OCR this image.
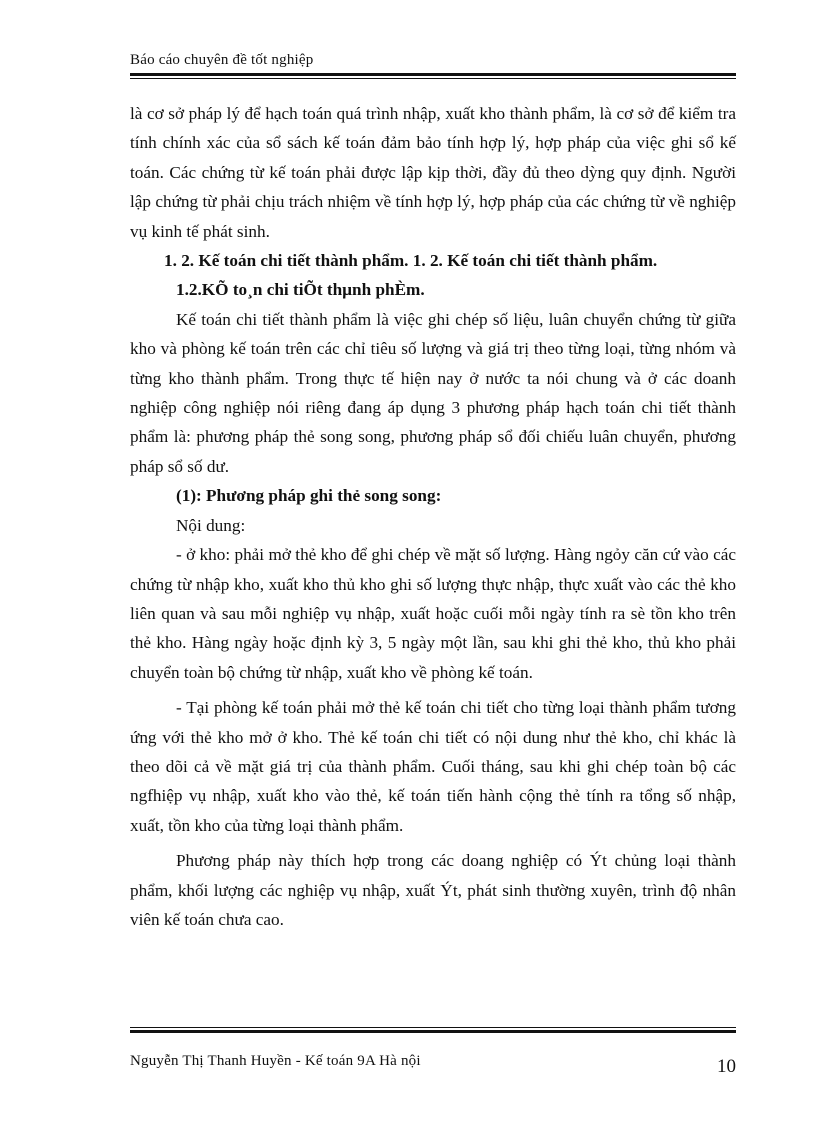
Báo cáo chuyên đề tốt nghiệp

là cơ sở pháp lý để hạch toán quá trình nhập, xuất kho thành phẩm, là cơ sở để kiểm tra tính chính xác của sổ sách kế toán đảm bảo tính hợp lý, hợp pháp của việc ghi sổ kế toán. Các chứng từ kế toán phải được lập kịp thời, đầy đủ theo dỳng quy định. Người lập chứng từ phải chịu trách nhiệm về tính hợp lý, hợp pháp của các chứng từ về nghiệp vụ kinh tế phát sinh.

1. 2. Kế toán chi tiết thành phẩm. 1. 2. Kế toán chi tiết thành phẩm.

1.2.KÕ to¸n chi tiÕt thµnh phÈm.

Kế toán chi tiết thành phẩm là việc ghi chép số liệu, luân chuyển chứng từ giữa kho và phòng kế toán trên các chỉ tiêu số lượng và giá trị theo từng loại, từng nhóm và từng kho thành phẩm. Trong thực tế hiện nay ở nước ta nói chung và ở các doanh nghiệp công nghiệp nói riêng đang áp dụng 3 phương pháp hạch toán chi tiết thành phẩm là: phương pháp thẻ song song, phương pháp sổ đối chiếu luân chuyển, phương pháp sổ số dư.

(1): Phương pháp ghi thẻ song song:

Nội dung:

- ở kho: phải mở thẻ kho để ghi chép về mặt số lượng. Hàng ngỏy căn cứ vào các chứng từ nhập kho, xuất kho thủ kho ghi số lượng thực nhập, thực xuất vào các thẻ kho liên quan và sau mỗi nghiệp vụ nhập, xuất hoặc cuối mỗi ngày tính ra sè tồn kho trên thẻ kho. Hàng ngày hoặc định kỳ 3, 5 ngày một lần, sau khi ghi thẻ kho, thủ kho phải chuyển toàn bộ chứng từ nhập, xuất kho về phòng kế toán.

- Tại phòng kế toán phải mở thẻ kế toán chi tiết cho từng loại thành phẩm tương ứng với thẻ kho mở ở kho. Thẻ kế toán chi tiết có nội dung như thẻ kho, chỉ khác là theo dõi cả về mặt giá trị của thành phẩm. Cuối tháng, sau khi ghi chép toàn bộ các ngfhiệp vụ nhập, xuất kho vào thẻ, kế toán tiến hành cộng thẻ tính ra tổng số nhập, xuất, tồn kho của từng loại thành phẩm.

Phương pháp này thích hợp trong các doang nghiệp có Ýt chủng loại thành phẩm, khối lượng các nghiệp vụ nhập, xuất Ýt, phát sinh thường xuyên, trình độ nhân viên kế toán chưa cao.

Nguyễn Thị Thanh Huyền - Kế toán 9A Hà nội	10
